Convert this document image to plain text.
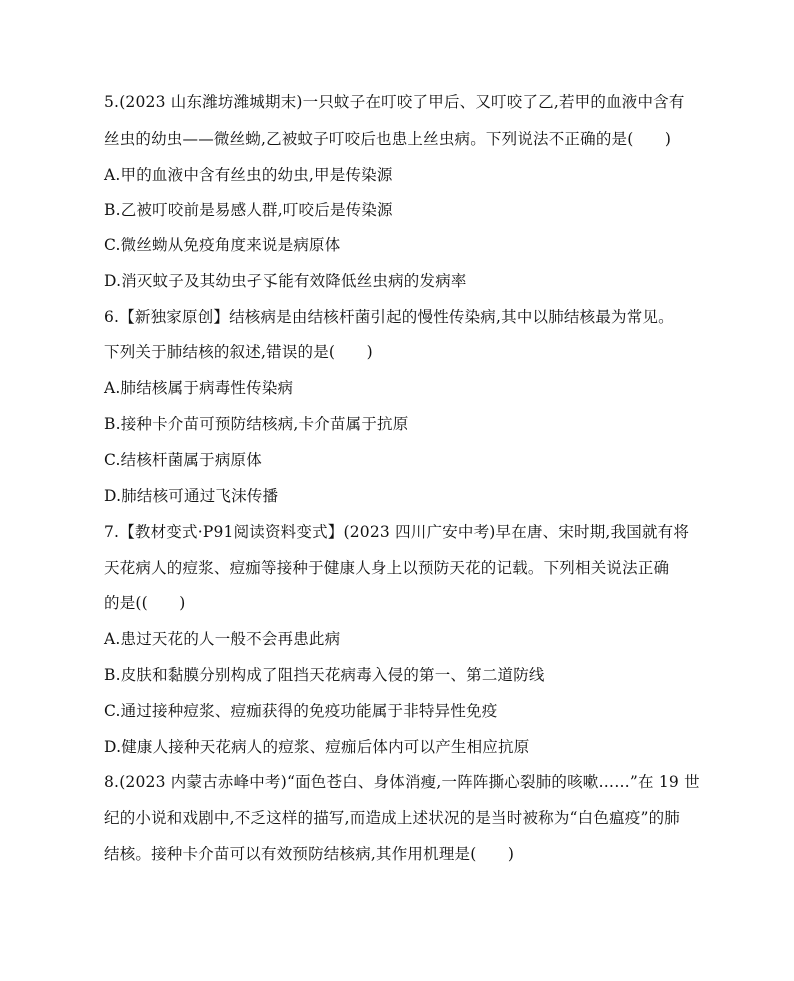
5.(2023 山东潍坊潍城期末)一只蚊子在叮咬了甲后、又叮咬了乙,若甲的血液中含有
丝虫的幼虫——微丝蚴,乙被蚊子叮咬后也患上丝虫病。下列说法不正确的是(　　)
A.甲的血液中含有丝虫的幼虫,甲是传染源
B.乙被叮咬前是易感人群,叮咬后是传染源
C.微丝蚴从免疫角度来说是病原体
D.消灭蚊子及其幼虫孑孓能有效降低丝虫病的发病率
6.【新独家原创】结核病是由结核杆菌引起的慢性传染病,其中以肺结核最为常见。
下列关于肺结核的叙述,错误的是(　　)
A.肺结核属于病毒性传染病
B.接种卡介苗可预防结核病,卡介苗属于抗原
C.结核杆菌属于病原体
D.肺结核可通过飞沫传播
7.【教材变式·P91阅读资料变式】(2023 四川广安中考)早在唐、宋时期,我国就有将
天花病人的痘浆、痘痂等接种于健康人身上以预防天花的记载。下列相关说法正确
的是((　　)
A.患过天花的人一般不会再患此病
B.皮肤和黏膜分别构成了阻挡天花病毒入侵的第一、第二道防线
C.通过接种痘浆、痘痂获得的免疫功能属于非特异性免疫
D.健康人接种天花病人的痘浆、痘痂后体内可以产生相应抗原
8.(2023 内蒙古赤峰中考)“面色苍白、身体消瘦,一阵阵撕心裂肺的咳嗽……”在 19 世
纪的小说和戏剧中,不乏这样的描写,而造成上述状况的是当时被称为“白色瘟疫”的肺
结核。接种卡介苗可以有效预防结核病,其作用机理是(　　)
